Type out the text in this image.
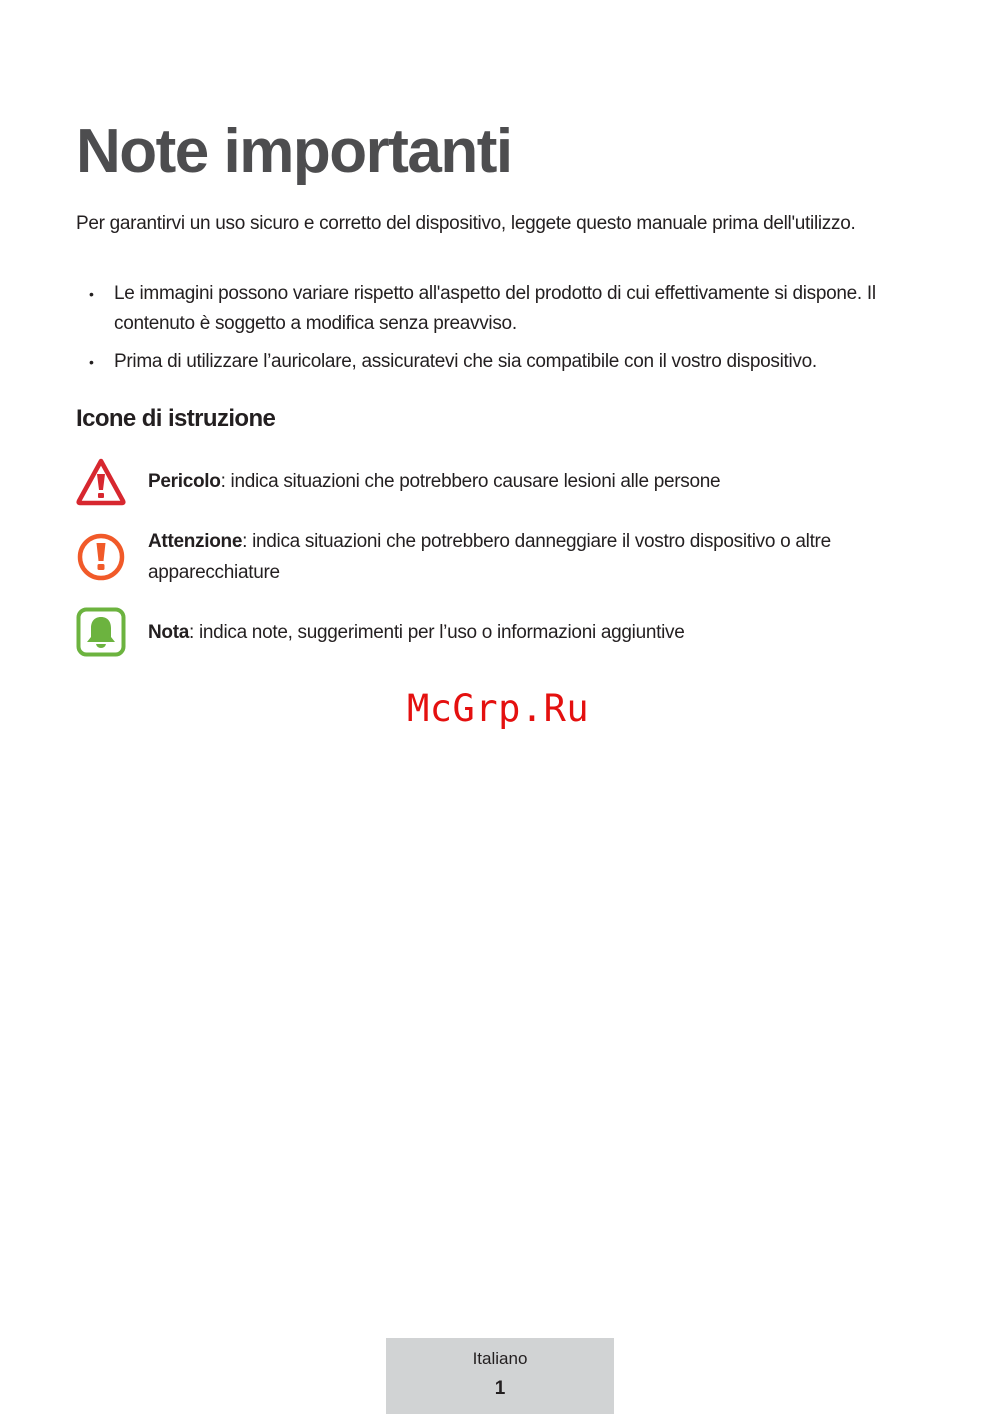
Note importanti

Per garantirvi un uso sicuro e corretto del dispositivo, leggete questo manuale prima dell'utilizzo.

• Le immagini possono variare rispetto all'aspetto del prodotto di cui effettivamente si dispone. Il contenuto è soggetto a modifica senza preavviso.
• Prima di utilizzare l’auricolare, assicuratevi che sia compatibile con il vostro dispositivo.
Icone di istruzione
Pericolo: indica situazioni che potrebbero causare lesioni alle persone
Attenzione: indica situazioni che potrebbero danneggiare il vostro dispositivo o altre apparecchiature
Nota: indica note, suggerimenti per l’uso o informazioni aggiuntive
McGrp.Ru
Italiano
1
